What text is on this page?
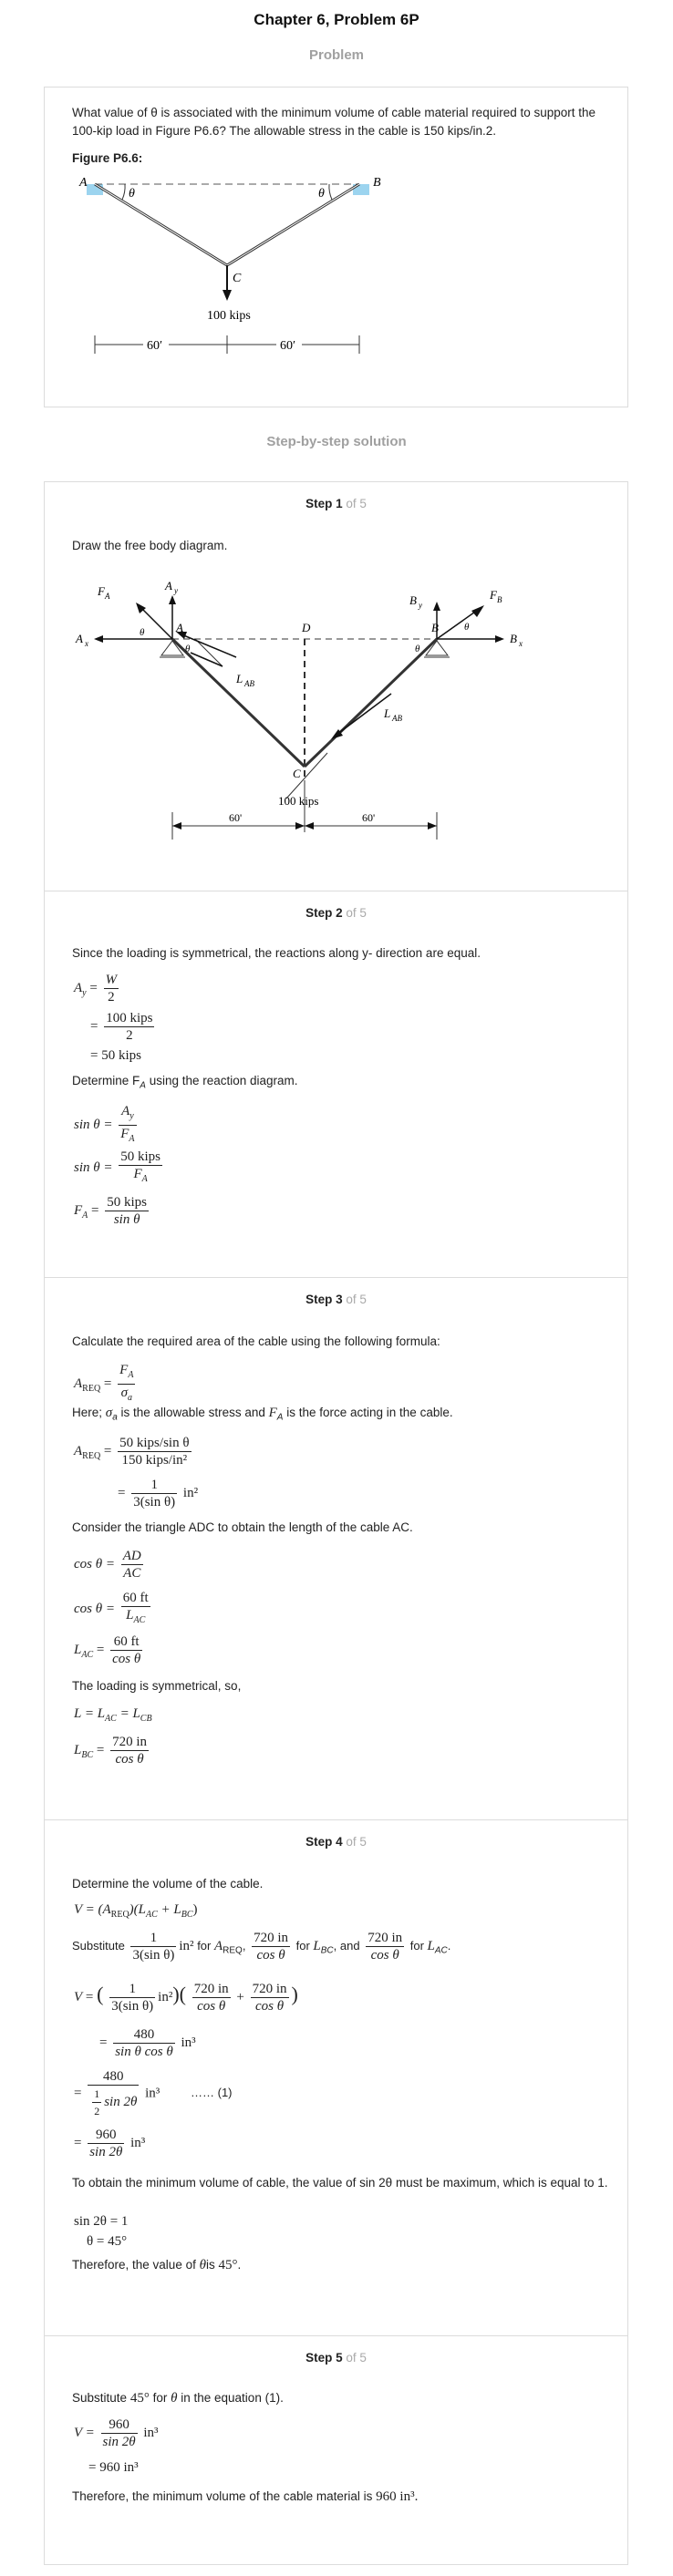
Chapter 6, Problem 6P
Problem
What value of θ is associated with the minimum volume of cable material required to support the 100-kip load in Figure P6.6? The allowable stress in the cable is 150 kips/in.2.
Figure P6.6:
A	B
θ	θ
C
100 kips
60′	60′
Step-by-step solution
Step 1 of 5
Draw the free body diagram.
F A
A y
A x
A	D	B
B y
F B
B x
θ
θ	θ
θ
L AB
L AB
C
100 kips
60'	60'
Step 2 of 5
Since the loading is symmetrical, the reactions along y- direction are equal.
$A_y = \frac{W}{2}$
= $\frac{\text{100 kips}}{2}$
= 50 kips
Determine $F_A$ using the reaction diagram.
$\sin \theta = \frac{A_y}{F_A}$
$\sin \theta = \frac{\text{50 kips}}{F_A}$
$F_A = \frac{\text{50 kips}}{\text{sin θ}}$
Step 3 of 5
Calculate the required area of the cable using the following formula:
$A_{REQ} = \frac{F_A}{\sigma_a}$
Here; $\sigma_a$ is the allowable stress and $F_A$ is the force acting in the cable.
$A_{REQ} = \frac{\text{50 kips/sin θ}}{\text{150 kips/in²}}$
= $\frac{1}{\text{3(sin θ)}} in^2$
Consider the triangle ADC to obtain the length of the cable AC.
$\cos \theta = \frac{AD}{AC}$
$\cos \theta = \frac{60 ft}{L_{AC}}$
$L_{AC} = \frac{60 ft}{\text{cos θ}}$
The loading is symmetrical, so,
$L = L_{AC} = L_{CB}$
$L_{BC} = \frac{720 in}{\text{cos θ}}$
Step 4 of 5
Determine the volume of the cable.
$V = (A_{REQ})(L_{AC} + L_{BC})$
Substitute $\frac{1}{\text{3(sin θ)}} in^2$ for $A_{REQ}$, $\frac{720 in}{\text{cos θ}}$ for $L_{BC}$, and $\frac{720 in}{\text{cos θ}}$ for $L_{AC}$.
V = ( $\frac{1}{\text{3(sin θ)}} in^2)( \frac{720 in}{\text{cos θ}} + \frac{720 in}{\text{cos θ}}$ )
= $\frac{480}{\text{sin θ cos θ}} in^3$
= $\frac{480}{\frac{1}{2} \sin 2\theta} in^3$	…… (1)
= $\frac{960}{\sin 2\theta} in^3$
To obtain the minimum volume of cable, the value of sin 2θ must be maximum, which is equal to 1.
sin 2θ = 1
θ = 45°
Therefore, the value of θis 45°.
Step 5 of 5
Substitute 45° for θ in the equation (1).
$V = \frac{960}{\sin 2\theta} in^3$
= 960 in³
Therefore, the minimum volume of the cable material is 960 in³.
